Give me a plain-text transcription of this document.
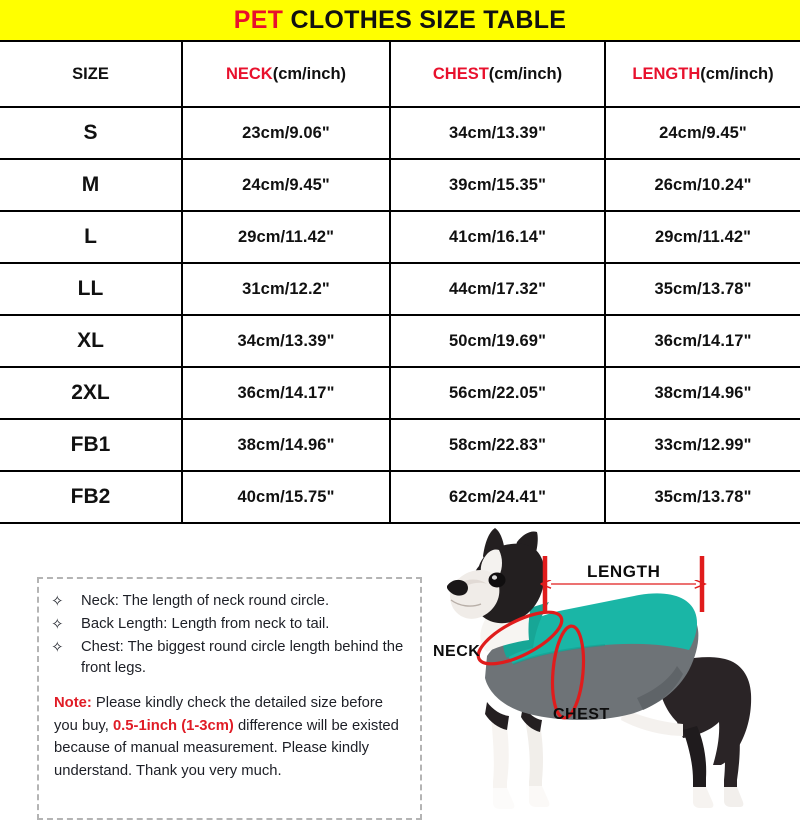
PET CLOTHES SIZE TABLE
SIZE	NECK(cm/inch)	CHEST(cm/inch)	LENGTH(cm/inch)
S	23cm/9.06"	34cm/13.39"	24cm/9.45"
M	24cm/9.45"	39cm/15.35"	26cm/10.24"
L	29cm/11.42"	41cm/16.14"	29cm/11.42"
LL	31cm/12.2"	44cm/17.32"	35cm/13.78"
XL	34cm/13.39"	50cm/19.69"	36cm/14.17"
2XL	36cm/14.17"	56cm/22.05"	38cm/14.96"
FB1	38cm/14.96"	58cm/22.83"	33cm/12.99"
FB2	40cm/15.75"	62cm/24.41"	35cm/13.78"
✧	Neck: The length of neck round circle.
✧	Back Length: Length from neck to tail.
✧	Chest: The biggest round circle length behind the front legs.

Note: Please kindly check the detailed size before you buy, 0.5-1inch (1-3cm) difference will be existed because of manual measurement. Please kindly understand. Thank you very much.

LENGTH
NECK
CHEST
